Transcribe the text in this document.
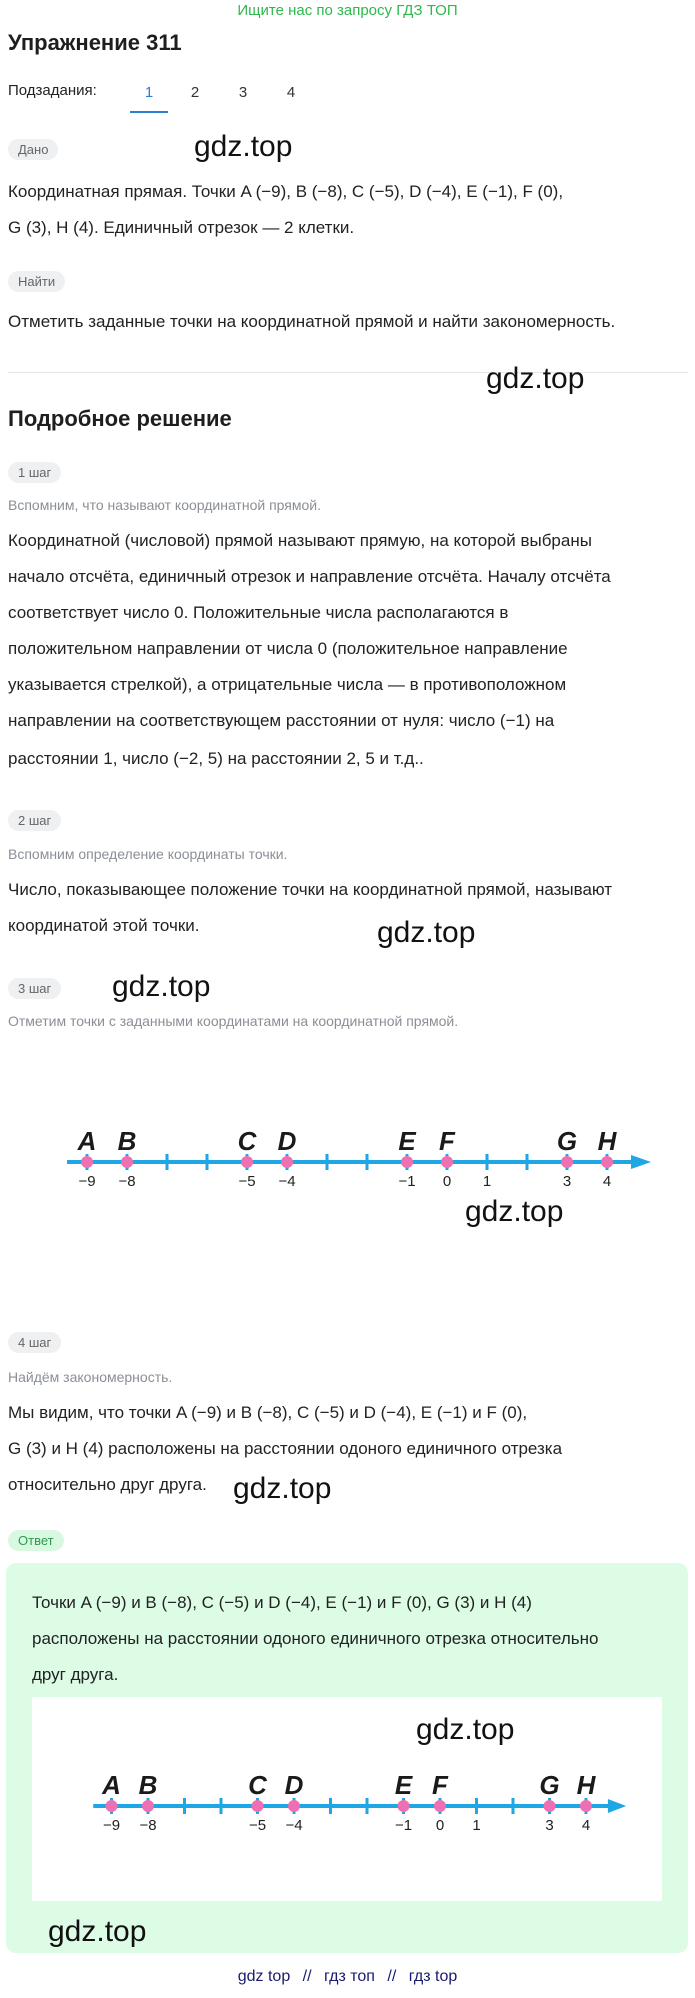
Ищите нас по запросу ГДЗ ТОП
Упражнение 311
Подзадания:	1	2	3	4
Дано	gdz.top
Координатная прямая. Точки A (−9), B (−8), C (−5), D (−4), E (−1), F (0),
G (3), H (4). Единичный отрезок — 2 клетки.
Найти
Отметить заданные точки на координатной прямой и найти закономерность.
gdz.top
Подробное решение
1 шаг
Вспомним, что называют координатной прямой.
Координатной (числовой) прямой называют прямую, на которой выбраны
начало отсчёта, единичный отрезок и направление отсчёта. Началу отсчёта
соответствует число 0. Положительные числа располагаются в
положительном направлении от числа 0 (положительное направление
указывается стрелкой), а отрицательные числа — в противоположном
направлении на соответствующем расстоянии от нуля: число (−1) на
расстоянии 1, число (−2, 5) на расстоянии 2, 5 и т.д..
2 шаг
Вспомним определение координаты точки.
Число, показывающее положение точки на координатной прямой, называют
координатой этой точки.	gdz.top
3 шаг	gdz.top
Отметим точки с заданными координатами на координатной прямой.
1
A
−9
B
−8
C
−5
D
−4
E
−1
F
0
G
3
H
4
gdz.top
4 шаг
Найдём закономерность.
Мы видим, что точки A (−9) и B (−8), C (−5) и D (−4), E (−1) и F (0),
G (3) и H (4) расположены на расстоянии одоного единичного отрезка
относительно друг друга. gdz.top
Ответ
Точки A (−9) и B (−8), C (−5) и D (−4), E (−1) и F (0), G (3) и H (4)
расположены на расстоянии одоного единичного отрезка относительно
друг друга.
gdz.top
1
A
−9
B
−8
C
−5
D
−4
E
−1
F
0
G
3
H
4
gdz.top
gdz top // гдз топ // гдз top
